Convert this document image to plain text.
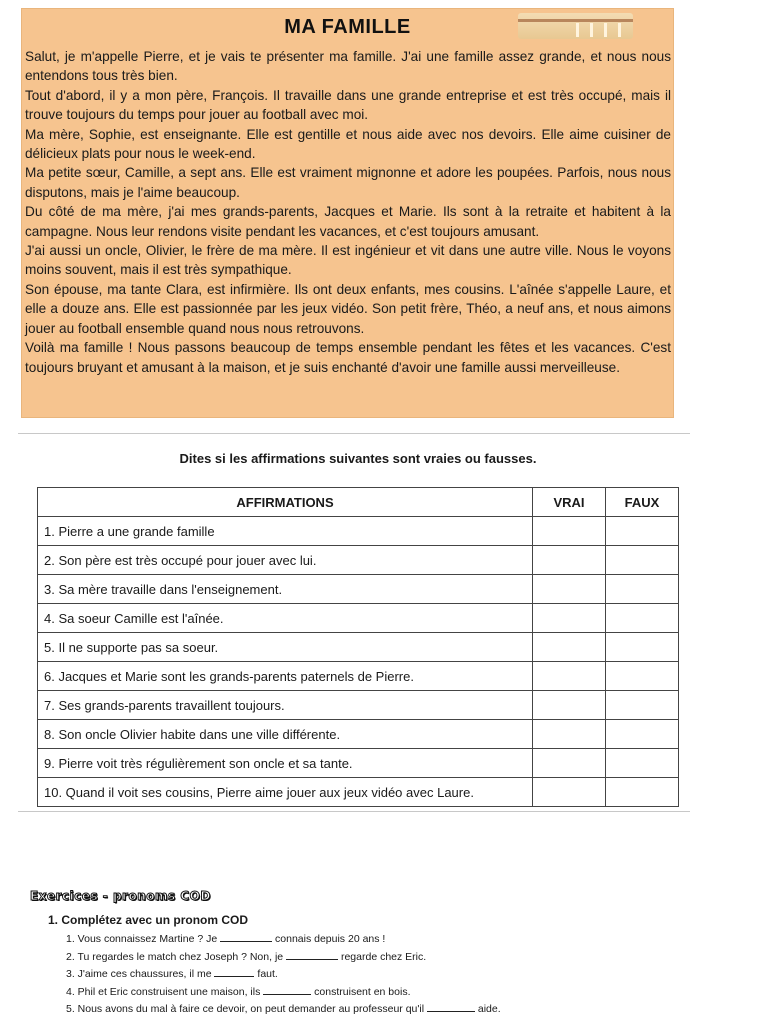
MA FAMILLE

Salut, je m'appelle Pierre, et je vais te présenter ma famille. J'ai une famille assez grande, et nous nous entendons tous très bien.

Tout d'abord, il y a mon père, François. Il travaille dans une grande entreprise et est très occupé, mais il trouve toujours du temps pour jouer au football avec moi.

Ma mère, Sophie, est enseignante. Elle est gentille et nous aide avec nos devoirs. Elle aime cuisiner de délicieux plats pour nous le week-end.

Ma petite sœur, Camille, a sept ans. Elle est vraiment mignonne et adore les poupées. Parfois, nous nous disputons, mais je l'aime beaucoup.

Du côté de ma mère, j'ai mes grands-parents, Jacques et Marie. Ils sont à la retraite et habitent à la campagne. Nous leur rendons visite pendant les vacances, et c'est toujours amusant.

J'ai aussi un oncle, Olivier, le frère de ma mère. Il est ingénieur et vit dans une autre ville. Nous le voyons moins souvent, mais il est très sympathique.

Son épouse, ma tante Clara, est infirmière. Ils ont deux enfants, mes cousins. L'aînée s'appelle Laure, et elle a douze ans. Elle est passionnée par les jeux vidéo. Son petit frère, Théo, a neuf ans, et nous aimons jouer au football ensemble quand nous nous retrouvons.

Voilà ma famille ! Nous passons beaucoup de temps ensemble pendant les fêtes et les vacances. C'est toujours bruyant et amusant à la maison, et je suis enchanté d'avoir une famille aussi merveilleuse.

Dites si les affirmations suivantes sont vraies ou fausses.
AFFIRMATIONS	VRAI	FAUX
1. Pierre a une grande famille		
2. Son père est très occupé pour jouer avec lui.		
3. Sa mère travaille dans l'enseignement.		
4. Sa soeur Camille est l'aînée.		
5. Il ne supporte pas sa soeur.		
6. Jacques et Marie sont les grands-parents paternels de Pierre.		
7. Ses grands-parents travaillent toujours.		
8. Son oncle Olivier habite dans une ville différente.		
9. Pierre voit très régulièrement son oncle et sa tante.		
10. Quand il voit ses cousins, Pierre aime jouer aux jeux vidéo avec Laure.		
Exercices - pronoms COD
1. Complétez avec un pronom COD
1. Vous connaissez Martine ? Je	connais depuis 20 ans !
2. Tu regardes le match chez Joseph ? Non, je	regarde chez Eric.
3. J'aime ces chaussures, il me	faut.
4. Phil et Eric construisent une maison, ils	construisent en bois.
5. Nous avons du mal à faire ce devoir, on peut demander au professeur qu'il	aide.
